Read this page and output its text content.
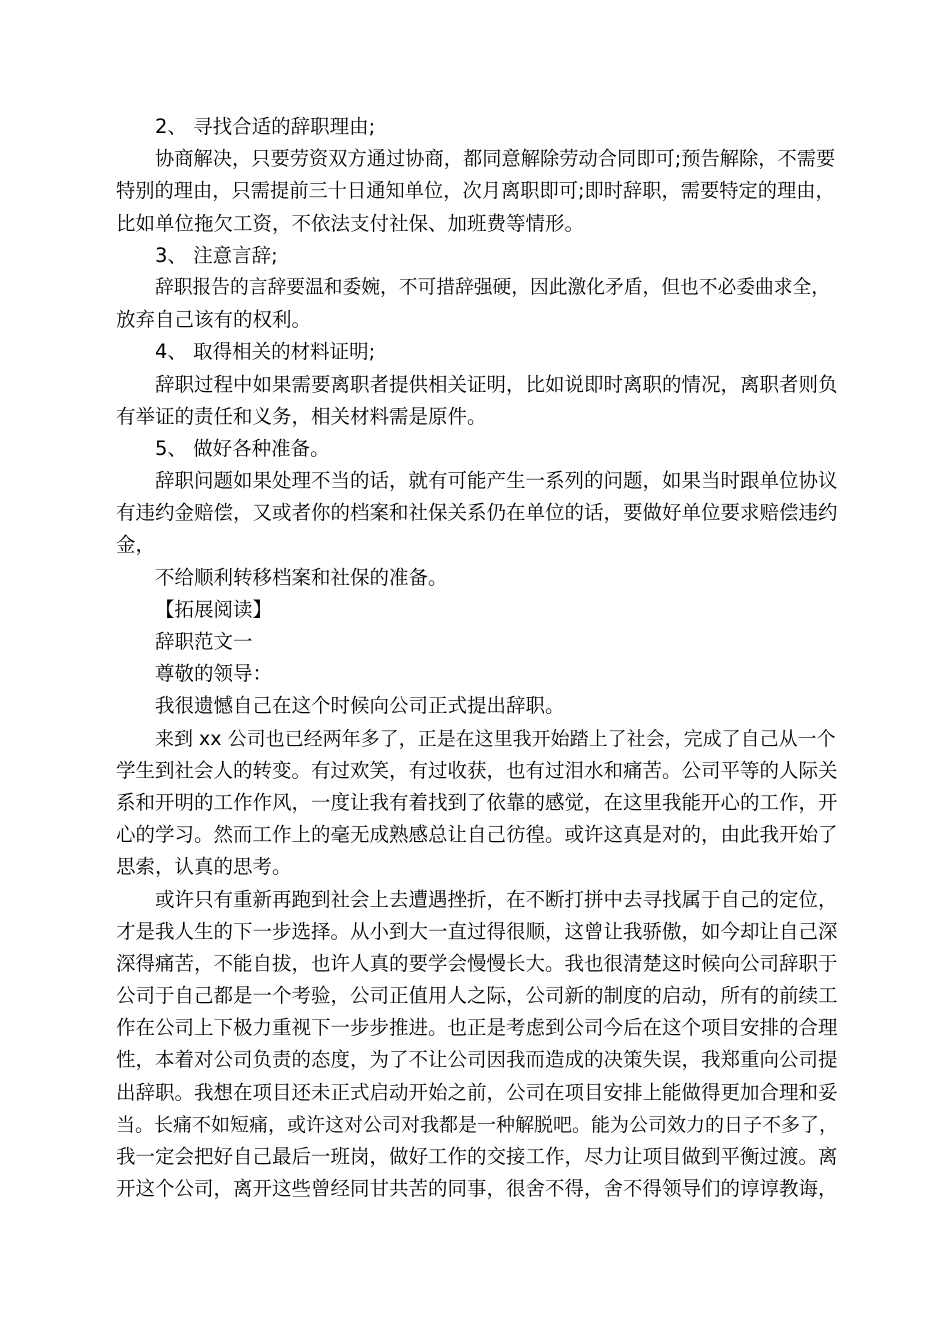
2、 寻找合适的辞职理由;

协商解决，只要劳资双方通过协商，都同意解除劳动合同即可;预告解除，不需要

特别的理由，只需提前三十日通知单位，次月离职即可;即时辞职，需要特定的理由，

比如单位拖欠工资，不依法支付社保、加班费等情形。

3、 注意言辞;

辞职报告的言辞要温和委婉，不可措辞强硬，因此激化矛盾，但也不必委曲求全，

放弃自己该有的权利。

4、 取得相关的材料证明;

辞职过程中如果需要离职者提供相关证明，比如说即时离职的情况，离职者则负

有举证的责任和义务，相关材料需是原件。

5、 做好各种准备。

辞职问题如果处理不当的话，就有可能产生一系列的问题，如果当时跟单位协议

有违约金赔偿，又或者你的档案和社保关系仍在单位的话，要做好单位要求赔偿违约

金，

不给顺利转移档案和社保的准备。

【拓展阅读】

辞职范文一

尊敬的领导：

我很遗憾自己在这个时候向公司正式提出辞职。

来到 xx 公司也已经两年多了，正是在这里我开始踏上了社会，完成了自己从一个

学生到社会人的转变。有过欢笑，有过收获，也有过泪水和痛苦。公司平等的人际关

系和开明的工作作风，一度让我有着找到了依靠的感觉，在这里我能开心的工作，开

心的学习。然而工作上的毫无成熟感总让自己彷徨。或许这真是对的，由此我开始了

思索，认真的思考。

或许只有重新再跑到社会上去遭遇挫折，在不断打拼中去寻找属于自己的定位，

才是我人生的下一步选择。从小到大一直过得很顺，这曾让我骄傲，如今却让自己深

深得痛苦，不能自拔，也许人真的要学会慢慢长大。我也很清楚这时候向公司辞职于

公司于自己都是一个考验，公司正值用人之际，公司新的制度的启动，所有的前续工

作在公司上下极力重视下一步步推进。也正是考虑到公司今后在这个项目安排的合理

性，本着对公司负责的态度，为了不让公司因我而造成的决策失误，我郑重向公司提

出辞职。我想在项目还未正式启动开始之前，公司在项目安排上能做得更加合理和妥

当。长痛不如短痛，或许这对公司对我都是一种解脱吧。能为公司效力的日子不多了，

我一定会把好自己最后一班岗，做好工作的交接工作，尽力让项目做到平衡过渡。离

开这个公司，离开这些曾经同甘共苦的同事，很舍不得，舍不得领导们的谆谆教诲，
